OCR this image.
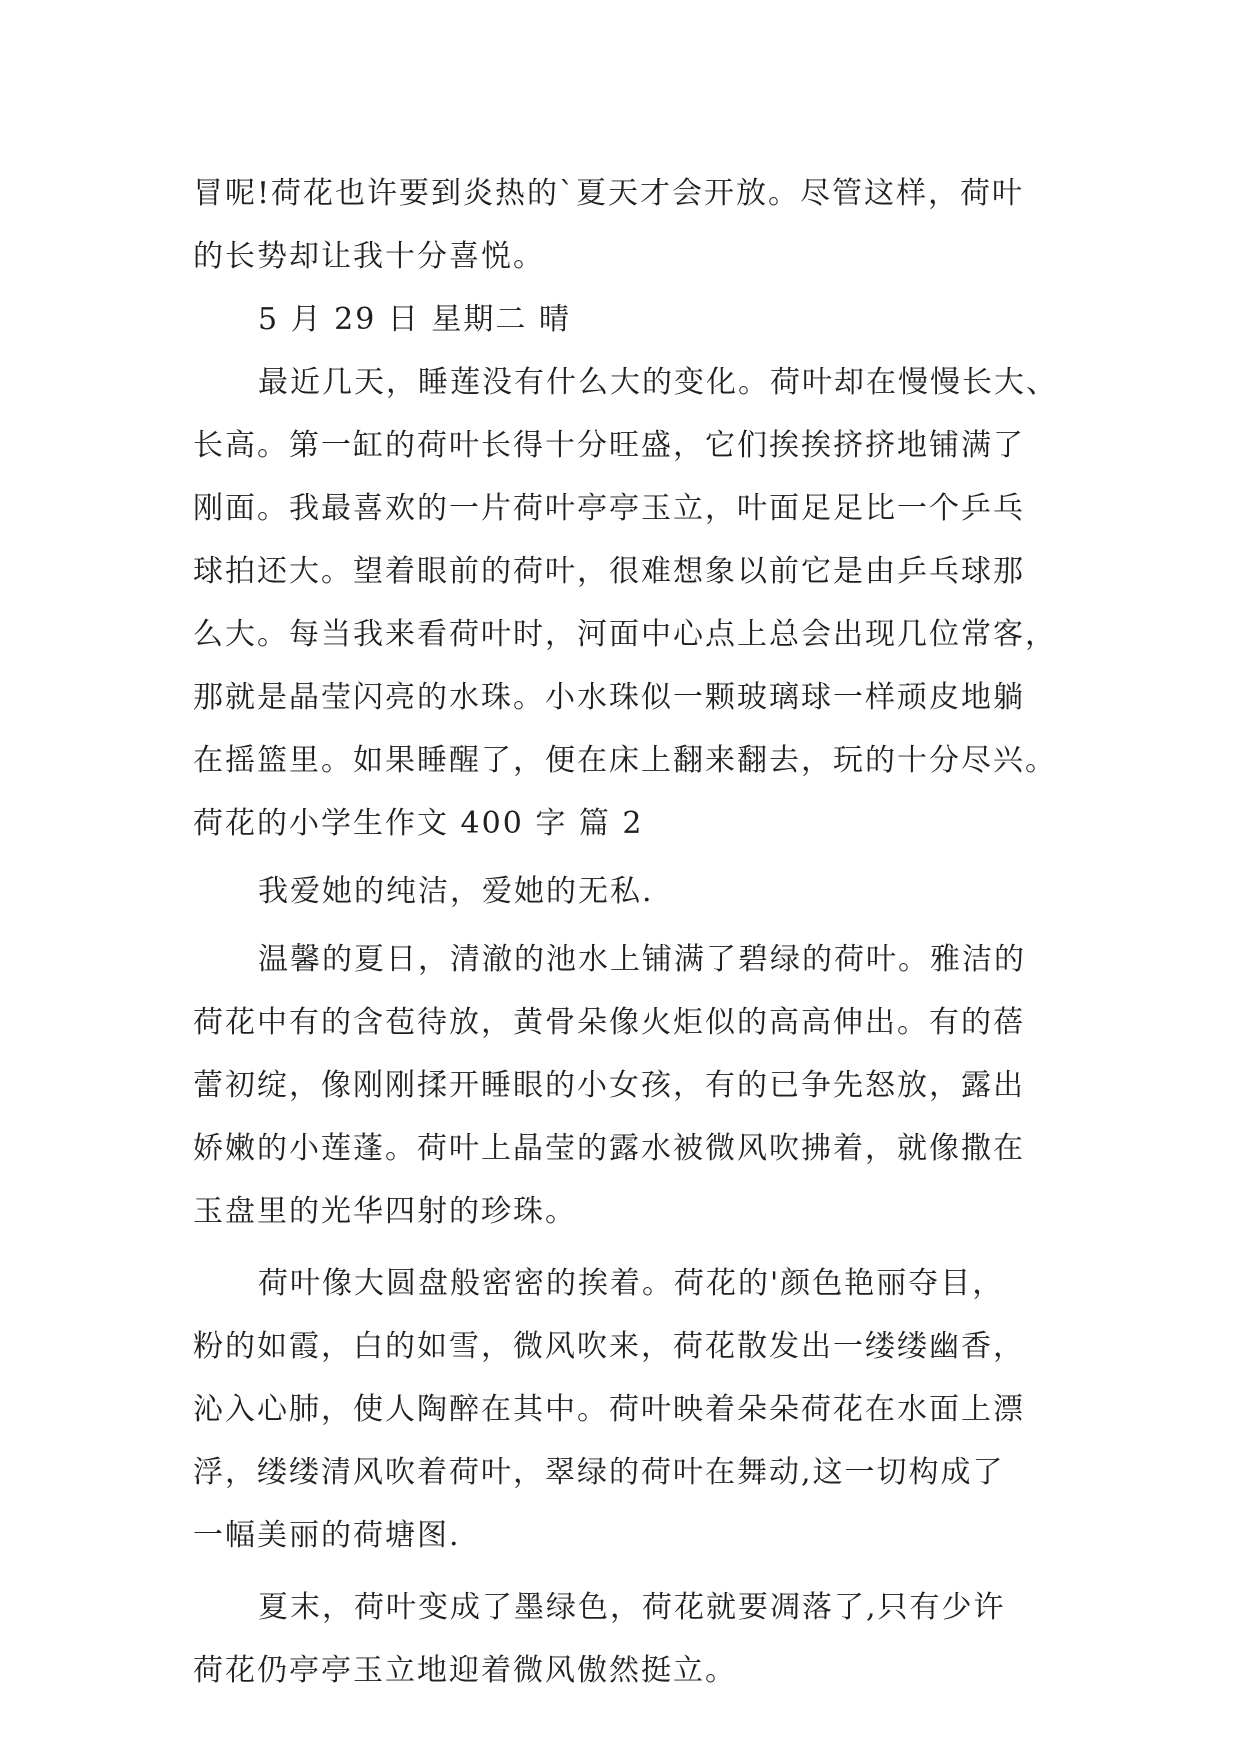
冒呢!荷花也许要到炎热的`夏天才会开放。尽管这样，荷叶
的长势却让我十分喜悦。
5 月 29 日 星期二 晴
最近几天，睡莲没有什么大的变化。荷叶却在慢慢长大、
长高。第一缸的荷叶长得十分旺盛，它们挨挨挤挤地铺满了
刚面。我最喜欢的一片荷叶亭亭玉立，叶面足足比一个乒乓
球拍还大。望着眼前的荷叶，很难想象以前它是由乒乓球那
么大。每当我来看荷叶时，河面中心点上总会出现几位常客，
那就是晶莹闪亮的水珠。小水珠似一颗玻璃球一样顽皮地躺
在摇篮里。如果睡醒了，便在床上翻来翻去，玩的十分尽兴。
荷花的小学生作文 400 字 篇 2
我爱她的纯洁，爱她的无私.
温馨的夏日，清澈的池水上铺满了碧绿的荷叶。雅洁的
荷花中有的含苞待放，黄骨朵像火炬似的高高伸出。有的蓓
蕾初绽，像刚刚揉开睡眼的小女孩，有的已争先怒放，露出
娇嫩的小莲蓬。荷叶上晶莹的露水被微风吹拂着，就像撒在
玉盘里的光华四射的珍珠。
荷叶像大圆盘般密密的挨着。荷花的'颜色艳丽夺目，
粉的如霞，白的如雪，微风吹来，荷花散发出一缕缕幽香，
沁入心肺，使人陶醉在其中。荷叶映着朵朵荷花在水面上漂
浮，缕缕清风吹着荷叶，翠绿的荷叶在舞动,这一切构成了
一幅美丽的荷塘图.
夏末，荷叶变成了墨绿色，荷花就要凋落了,只有少许
荷花仍亭亭玉立地迎着微风傲然挺立。
